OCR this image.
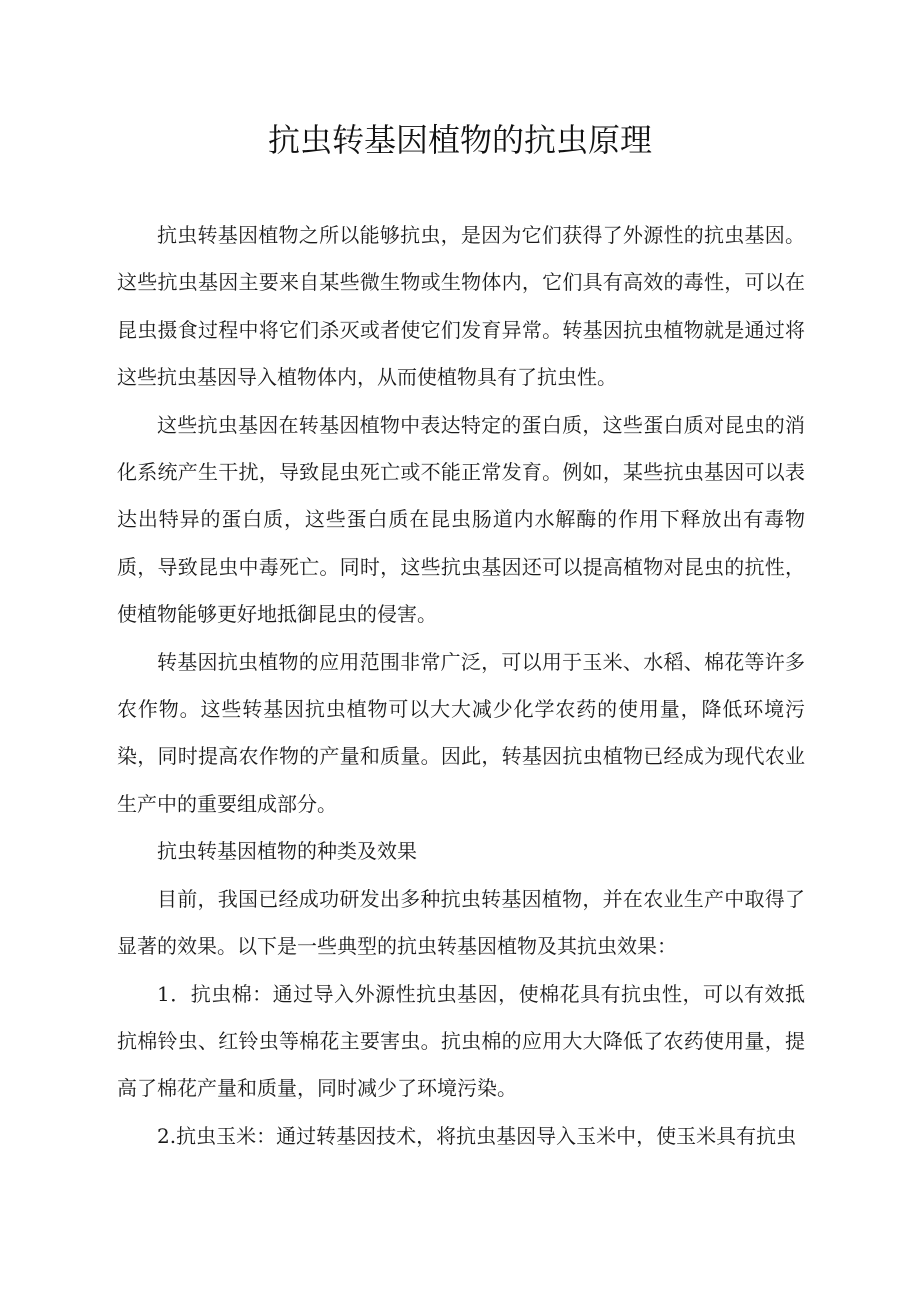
抗虫转基因植物的抗虫原理

抗虫转基因植物之所以能够抗虫，是因为它们获得了外源性的抗虫基因。这些抗虫基因主要来自某些微生物或生物体内，它们具有高效的毒性，可以在昆虫摄食过程中将它们杀灭或者使它们发育异常。转基因抗虫植物就是通过将这些抗虫基因导入植物体内，从而使植物具有了抗虫性。

这些抗虫基因在转基因植物中表达特定的蛋白质，这些蛋白质对昆虫的消化系统产生干扰，导致昆虫死亡或不能正常发育。例如，某些抗虫基因可以表达出特异的蛋白质，这些蛋白质在昆虫肠道内水解酶的作用下释放出有毒物质，导致昆虫中毒死亡。同时，这些抗虫基因还可以提高植物对昆虫的抗性，使植物能够更好地抵御昆虫的侵害。

转基因抗虫植物的应用范围非常广泛，可以用于玉米、水稻、棉花等许多农作物。这些转基因抗虫植物可以大大减少化学农药的使用量，降低环境污染，同时提高农作物的产量和质量。因此，转基因抗虫植物已经成为现代农业生产中的重要组成部分。

抗虫转基因植物的种类及效果

目前，我国已经成功研发出多种抗虫转基因植物，并在农业生产中取得了显著的效果。以下是一些典型的抗虫转基因植物及其抗虫效果：

1．抗虫棉：通过导入外源性抗虫基因，使棉花具有抗虫性，可以有效抵抗棉铃虫、红铃虫等棉花主要害虫。抗虫棉的应用大大降低了农药使用量，提高了棉花产量和质量，同时减少了环境污染。

2.抗虫玉米：通过转基因技术，将抗虫基因导入玉米中，使玉米具有抗虫
